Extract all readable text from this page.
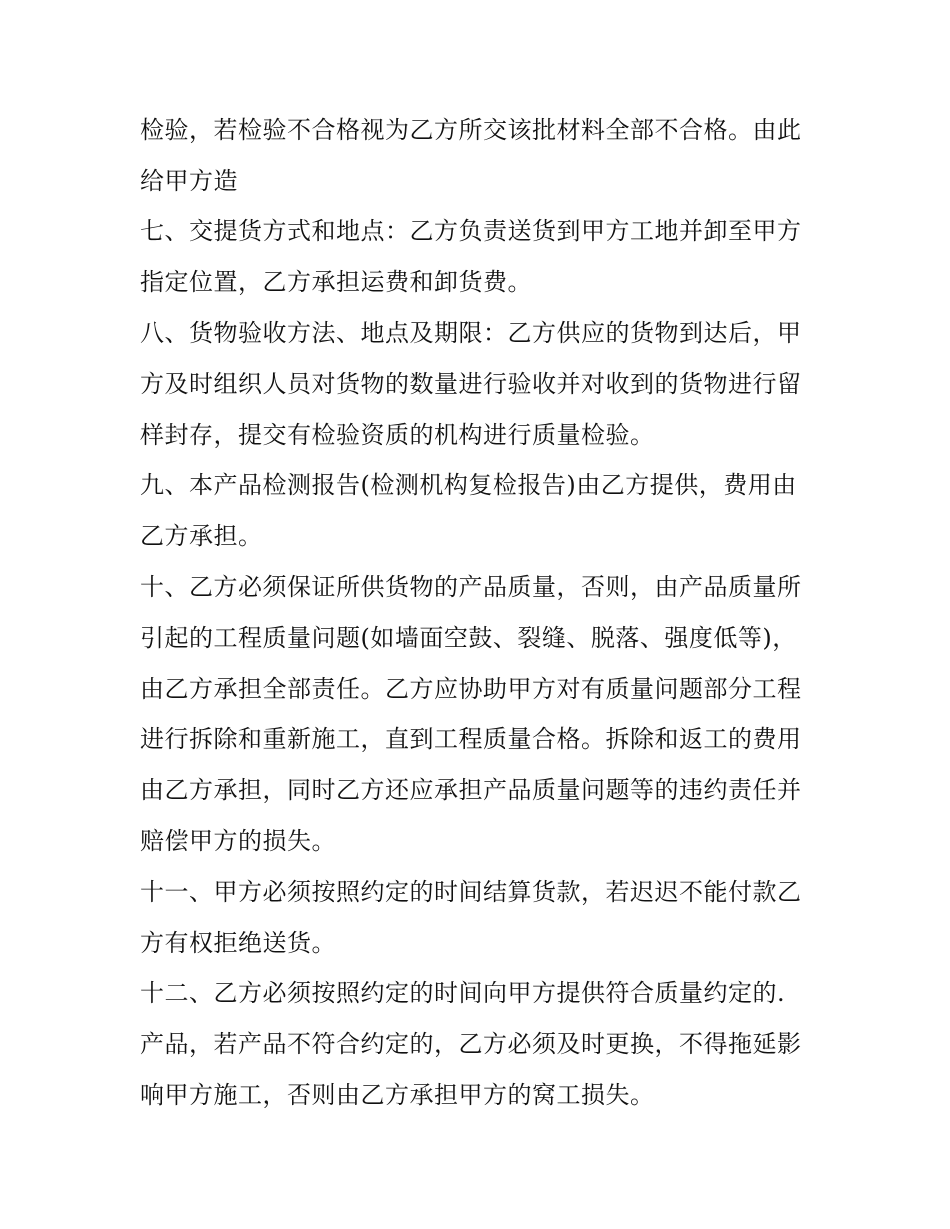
检验，若检验不合格视为乙方所交该批材料全部不合格。由此
给甲方造
七、交提货方式和地点：乙方负责送货到甲方工地并卸至甲方
指定位置，乙方承担运费和卸货费。
八、货物验收方法、地点及期限：乙方供应的货物到达后，甲
方及时组织人员对货物的数量进行验收并对收到的货物进行留
样封存，提交有检验资质的机构进行质量检验。
九、本产品检测报告(检测机构复检报告)由乙方提供，费用由
乙方承担。
十、乙方必须保证所供货物的产品质量，否则，由产品质量所
引起的工程质量问题(如墙面空鼓、裂缝、脱落、强度低等)，
由乙方承担全部责任。乙方应协助甲方对有质量问题部分工程
进行拆除和重新施工，直到工程质量合格。拆除和返工的费用
由乙方承担，同时乙方还应承担产品质量问题等的违约责任并
赔偿甲方的损失。
十一、甲方必须按照约定的时间结算货款，若迟迟不能付款乙
方有权拒绝送货。
十二、乙方必须按照约定的时间向甲方提供符合质量约定的.
产品，若产品不符合约定的，乙方必须及时更换，不得拖延影
响甲方施工，否则由乙方承担甲方的窝工损失。
